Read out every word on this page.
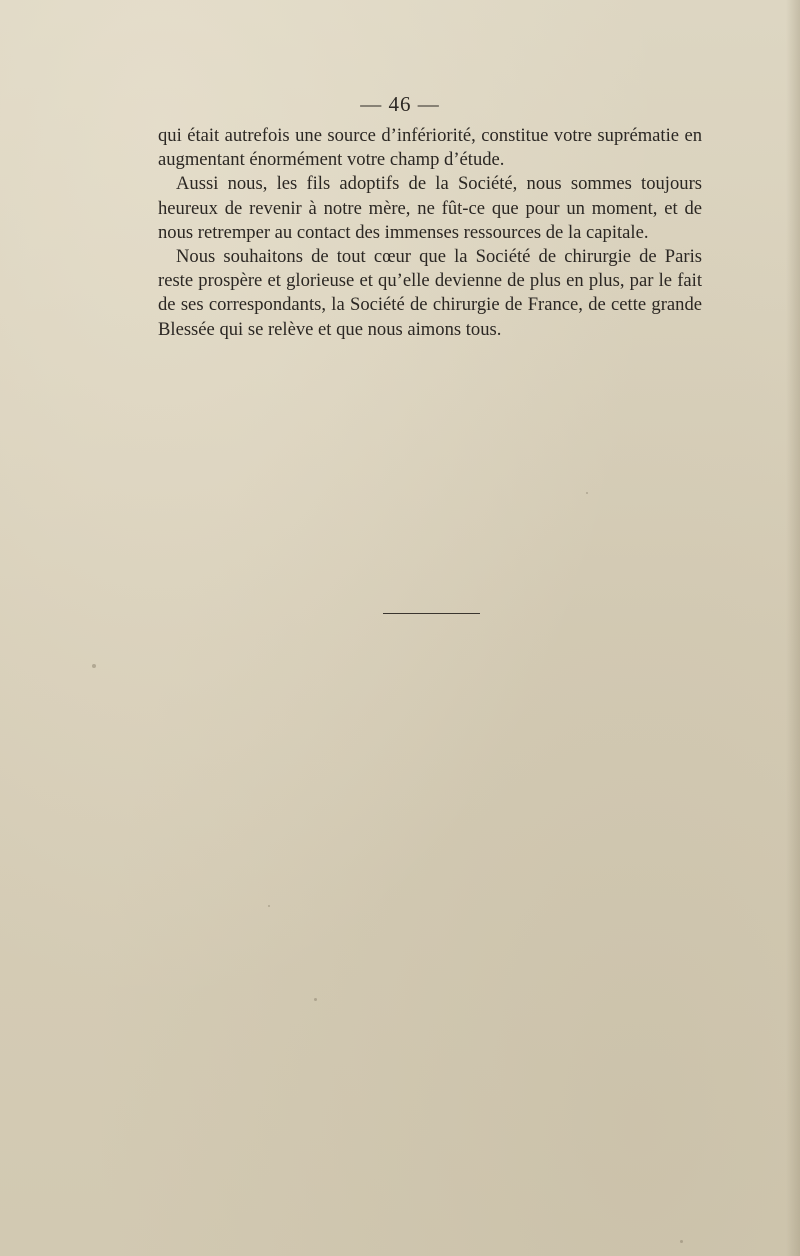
— 46 —

qui était autrefois une source d’infériorité, constitue votre suprématie en augmentant énormément votre champ d’étude.

Aussi nous, les fils adoptifs de la Société, nous sommes toujours heureux de revenir à notre mère, ne fût-ce que pour un moment, et de nous retremper au contact des immenses ressources de la capitale.

Nous souhaitons de tout cœur que la Société de chirurgie de Paris reste prospère et glorieuse et qu’elle devienne de plus en plus, par le fait de ses correspondants, la Société de chirurgie de France, de cette grande Blessée qui se relève et que nous aimons tous.
